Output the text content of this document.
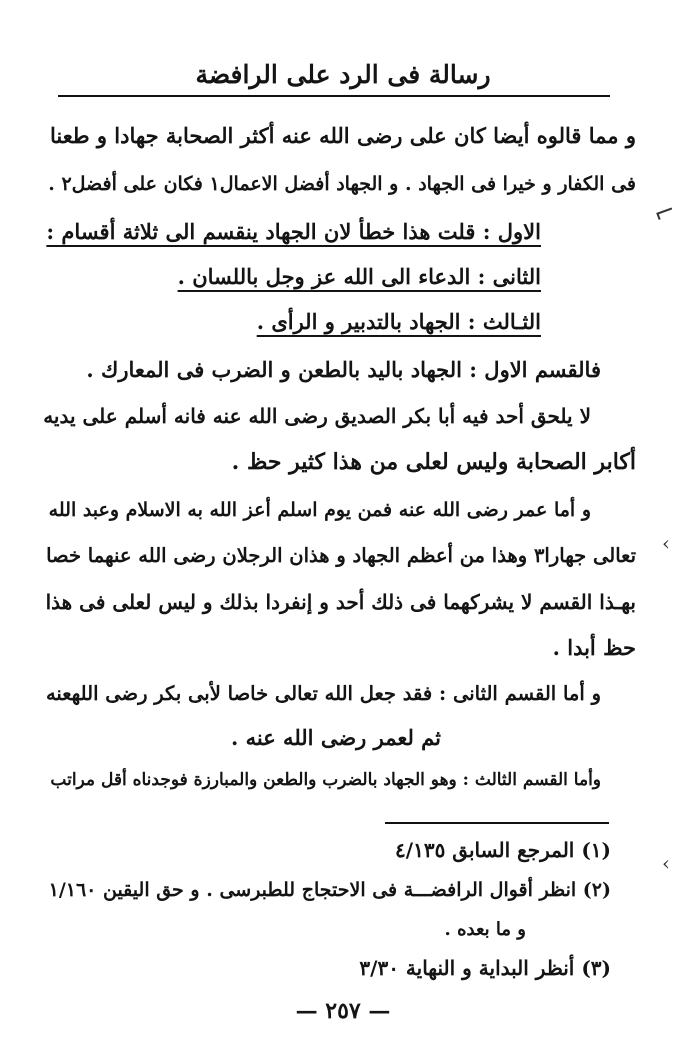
رسالة فى الرد على الرافضة
و مما قالوه أيضا كان على رضى الله عنه أكثر الصحابة جهادا و طعنا
فى الكفار و خيرا فى الجهاد . و الجهاد أفضل الاعمال۱ فكان على أفضل۲ .
الاول : قلت هذا خطأ لان الجهاد ينقسم الى ثلاثة أقسام :
الثانى : الدعاء الى الله عز وجل باللسان .
الثـالث : الجهاد بالتدبير و الرأى .
فالقسم الاول : الجهاد باليد بالطعن و الضرب فى المعارك .
لا يلحق أحد فيه أبا بكر الصديق رضى الله عنه فانه أسلم على يديه
أكابر الصحابة وليس لعلى من هذا كثير حظ .
و أما عمر رضى الله عنه فمن يوم اسلم أعز الله به الاسلام وعبد الله
تعالى جهارا۳ وهذا من أعظم الجهاد و هذان الرجلان رضى الله عنهما خصا
بهـذا القسم لا يشركهما فى ذلك أحد و إنفردا بذلك و ليس لعلى فى هذا
حظ أبدا .
و أما القسم الثانى : فقد جعل الله تعالى خاصا لأبى بكر رضى اللهعنه
ثم لعمر رضى الله عنه .
وأما القسم الثالث : وهو الجهاد بالضرب والطعن والمبارزة فوجدناه أقل مراتب
(١) المرجع السابق ٤/١٣٥
(٢) انظر أقوال الرافضـــة فى الاحتجاج للطبرسى . و حق اليقين ١/١٦٠
و ما بعده .
(٣) أنظر البداية و النهاية ٣/٣٠
— ٢٥٧ —
⌐
›
›
